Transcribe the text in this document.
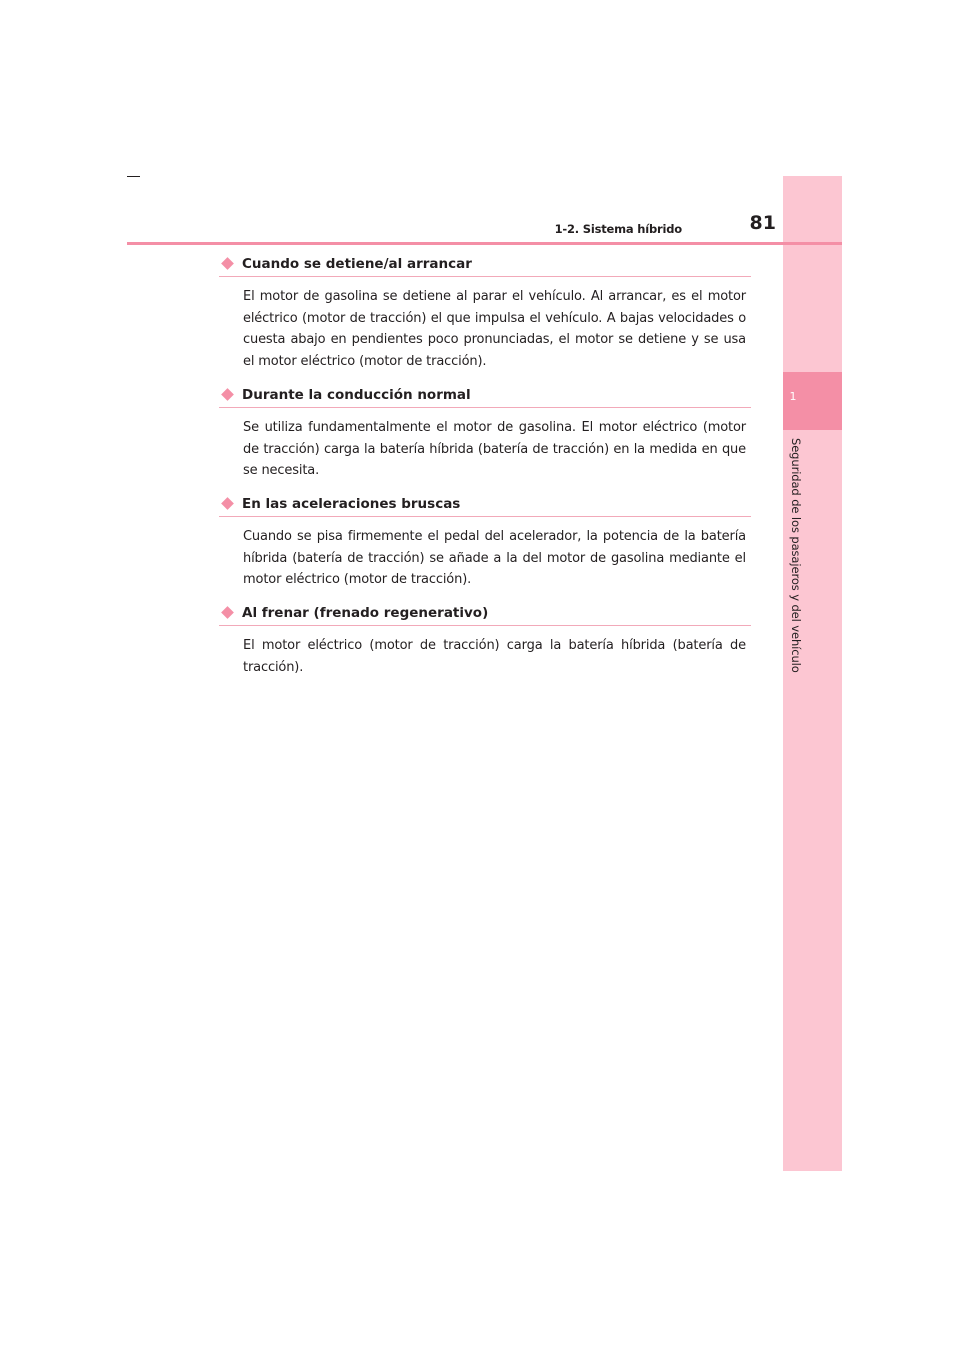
1
Seguridad de los pasajeros y del vehículo
1-2. Sistema híbrido	81
Cuando se detiene/al arrancar
El motor de gasolina se detiene al parar el vehículo. Al arrancar, es el motor eléctrico (motor de tracción) el que impulsa el vehículo. A bajas velocidades o cuesta abajo en pendientes poco pronunciadas, el motor se detiene y se usa el motor eléctrico (motor de tracción).
Durante la conducción normal
Se utiliza fundamentalmente el motor de gasolina. El motor eléctrico (motor de tracción) carga la batería híbrida (batería de tracción) en la medida en que se necesita.
En las aceleraciones bruscas
Cuando se pisa firmemente el pedal del acelerador, la potencia de la batería híbrida (batería de tracción) se añade a la del motor de gasolina mediante el motor eléctrico (motor de tracción).
Al frenar (frenado regenerativo)
El motor eléctrico (motor de tracción) carga la batería híbrida (batería de tracción).
